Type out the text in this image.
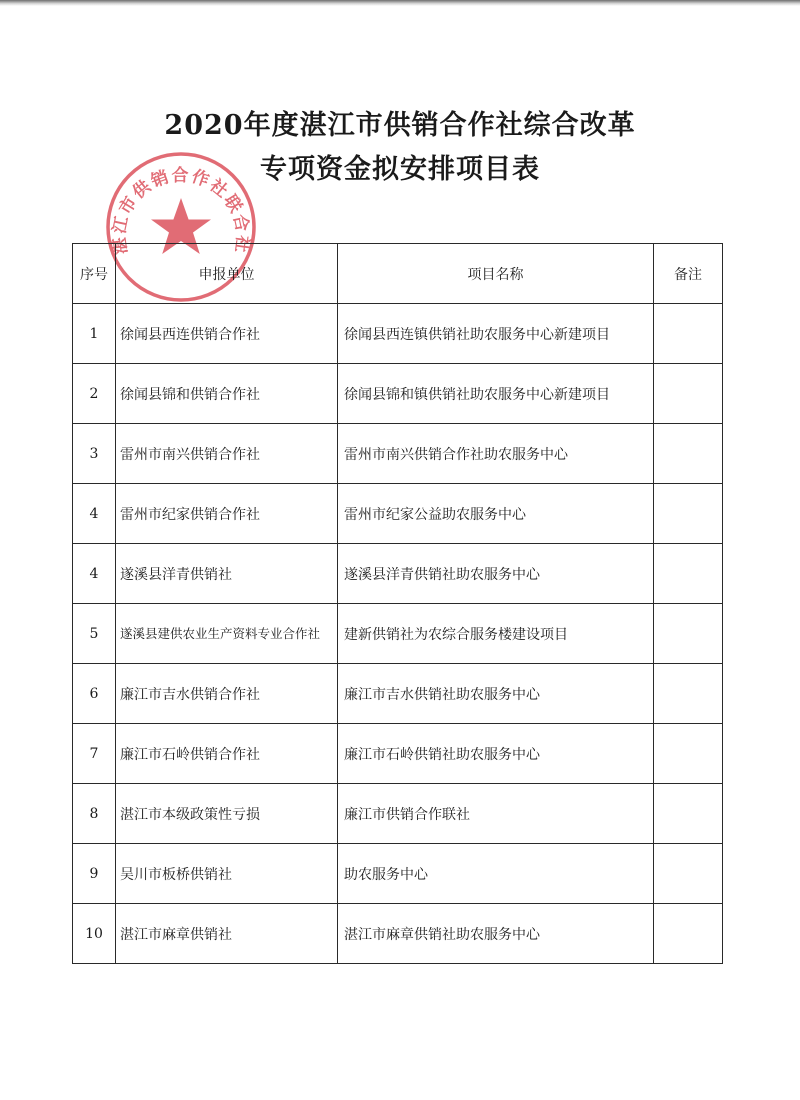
2020年度湛江市供销合作社综合改革
专项资金拟安排项目表
湛江市供销合作社联合社
序号	申报单位	项目名称	备注
1	徐闻县西连供销合作社	徐闻县西连镇供销社助农服务中心新建项目	
2	徐闻县锦和供销合作社	徐闻县锦和镇供销社助农服务中心新建项目	
3	雷州市南兴供销合作社	雷州市南兴供销合作社助农服务中心	
4	雷州市纪家供销合作社	雷州市纪家公益助农服务中心	
4	遂溪县洋青供销社	遂溪县洋青供销社助农服务中心	
5	遂溪县建供农业生产资料专业合作社	建新供销社为农综合服务楼建设项目	
6	廉江市吉水供销合作社	廉江市吉水供销社助农服务中心	
7	廉江市石岭供销合作社	廉江市石岭供销社助农服务中心	
8	湛江市本级政策性亏损	廉江市供销合作联社	
9	吴川市板桥供销社	助农服务中心	
10	湛江市麻章供销社	湛江市麻章供销社助农服务中心	
